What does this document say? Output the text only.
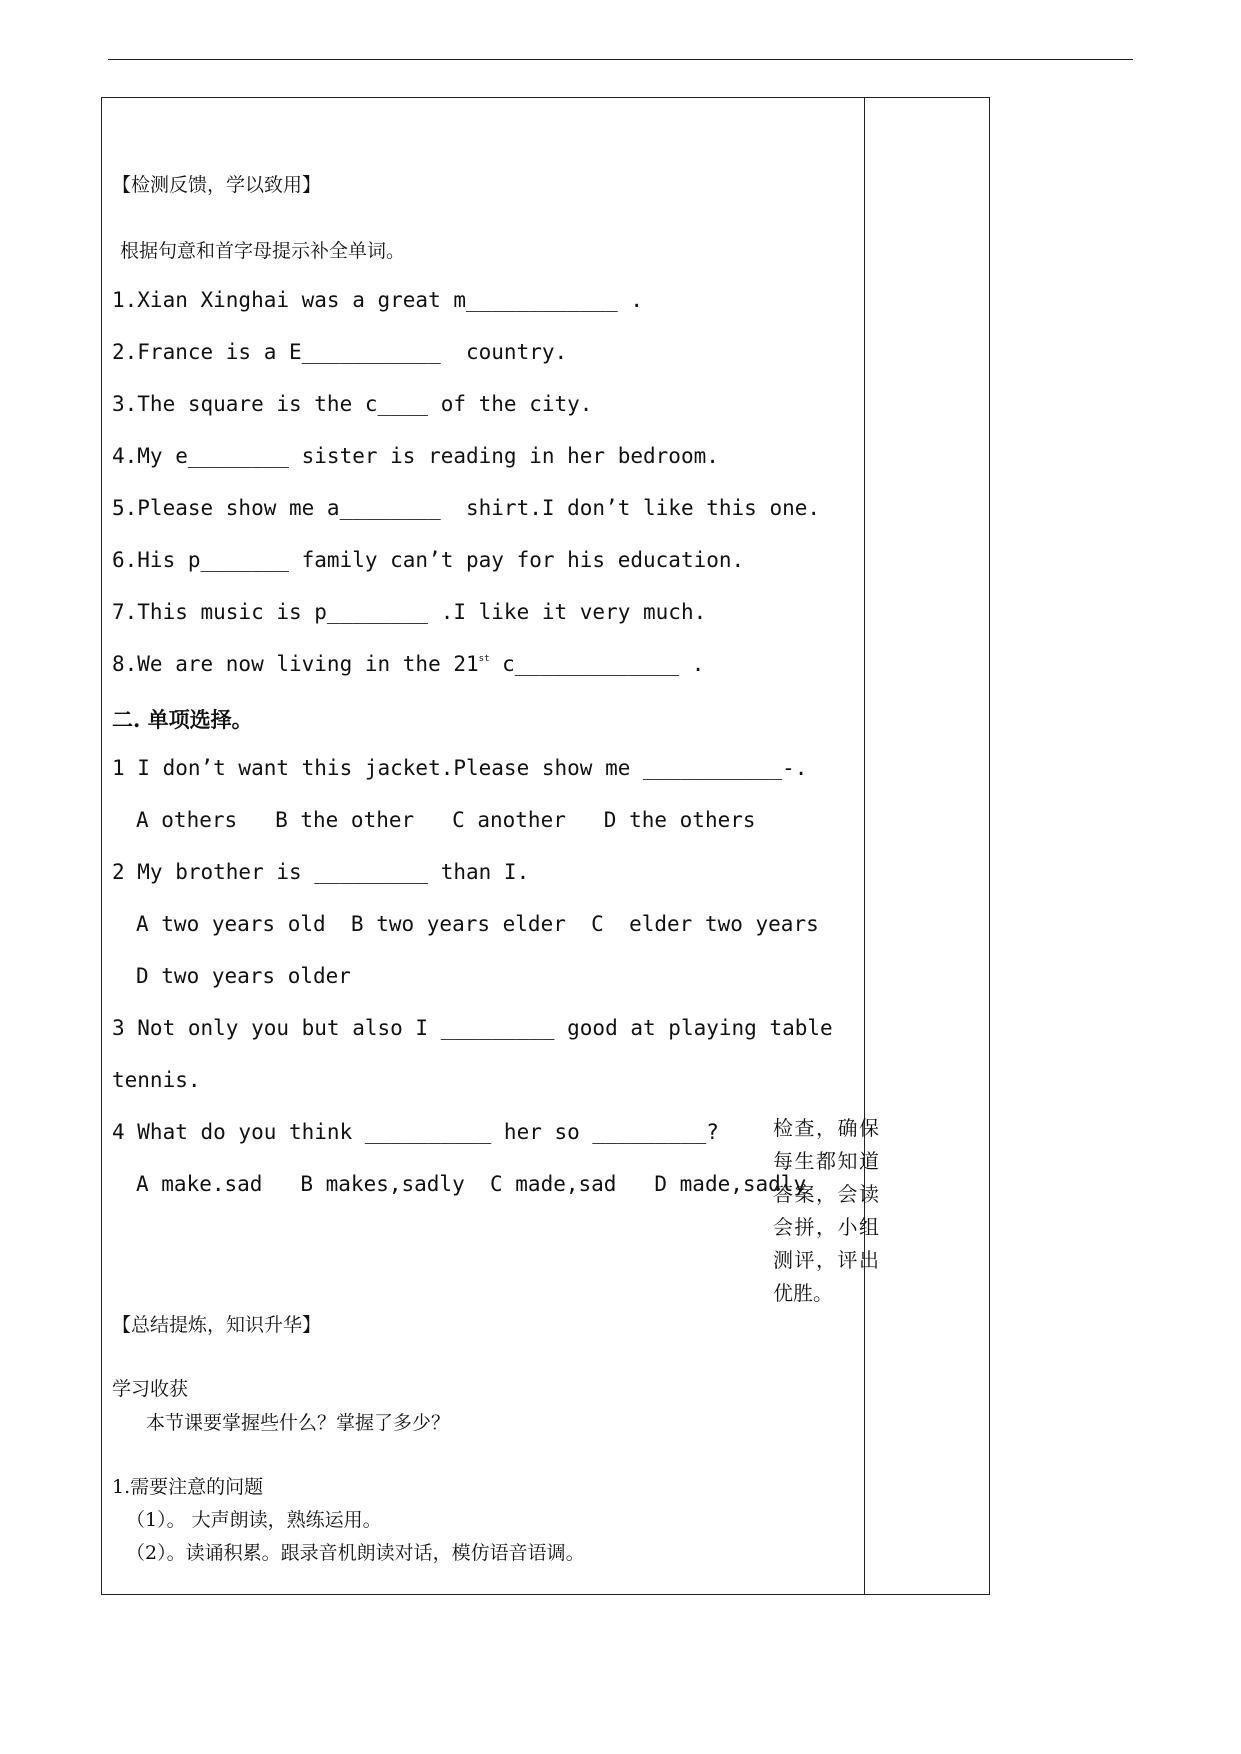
【检测反馈，学以致用】
根据句意和首字母提示补全单词。
1.Xian Xinghai was a great m____________ .
2.France is a E___________  country.
3.The square is the c____ of the city.
4.My e________ sister is reading in her bedroom.
5.Please show me a________  shirt.I don’t like this one.
6.His p_______ family can’t pay for his education.
7.This music is p________ .I like it very much.
8.We are now living in the 21st c_____________ .
二. 单项选择。
1 I don’t want this jacket.Please show me ___________-.
A others   B the other   C another   D the others
2 My brother is _________ than I.
A two years old  B two years elder  C  elder two years
D two years older
3 Not only you but also I _________ good at playing table
tennis.
4 What do you think __________ her so _________?
A make.sad   B makes,sadly  C made,sad   D made,sadly
【总结提炼，知识升华】
学习收获
本节课要掌握些什么？掌握了多少？
1.需要注意的问题
（1）。 大声朗读，熟练运用。
（2）。读诵积累。跟录音机朗读对话，模仿语音语调。
检查，确保每生都知道答案，会读会拼，小组测评，评出优胜。
